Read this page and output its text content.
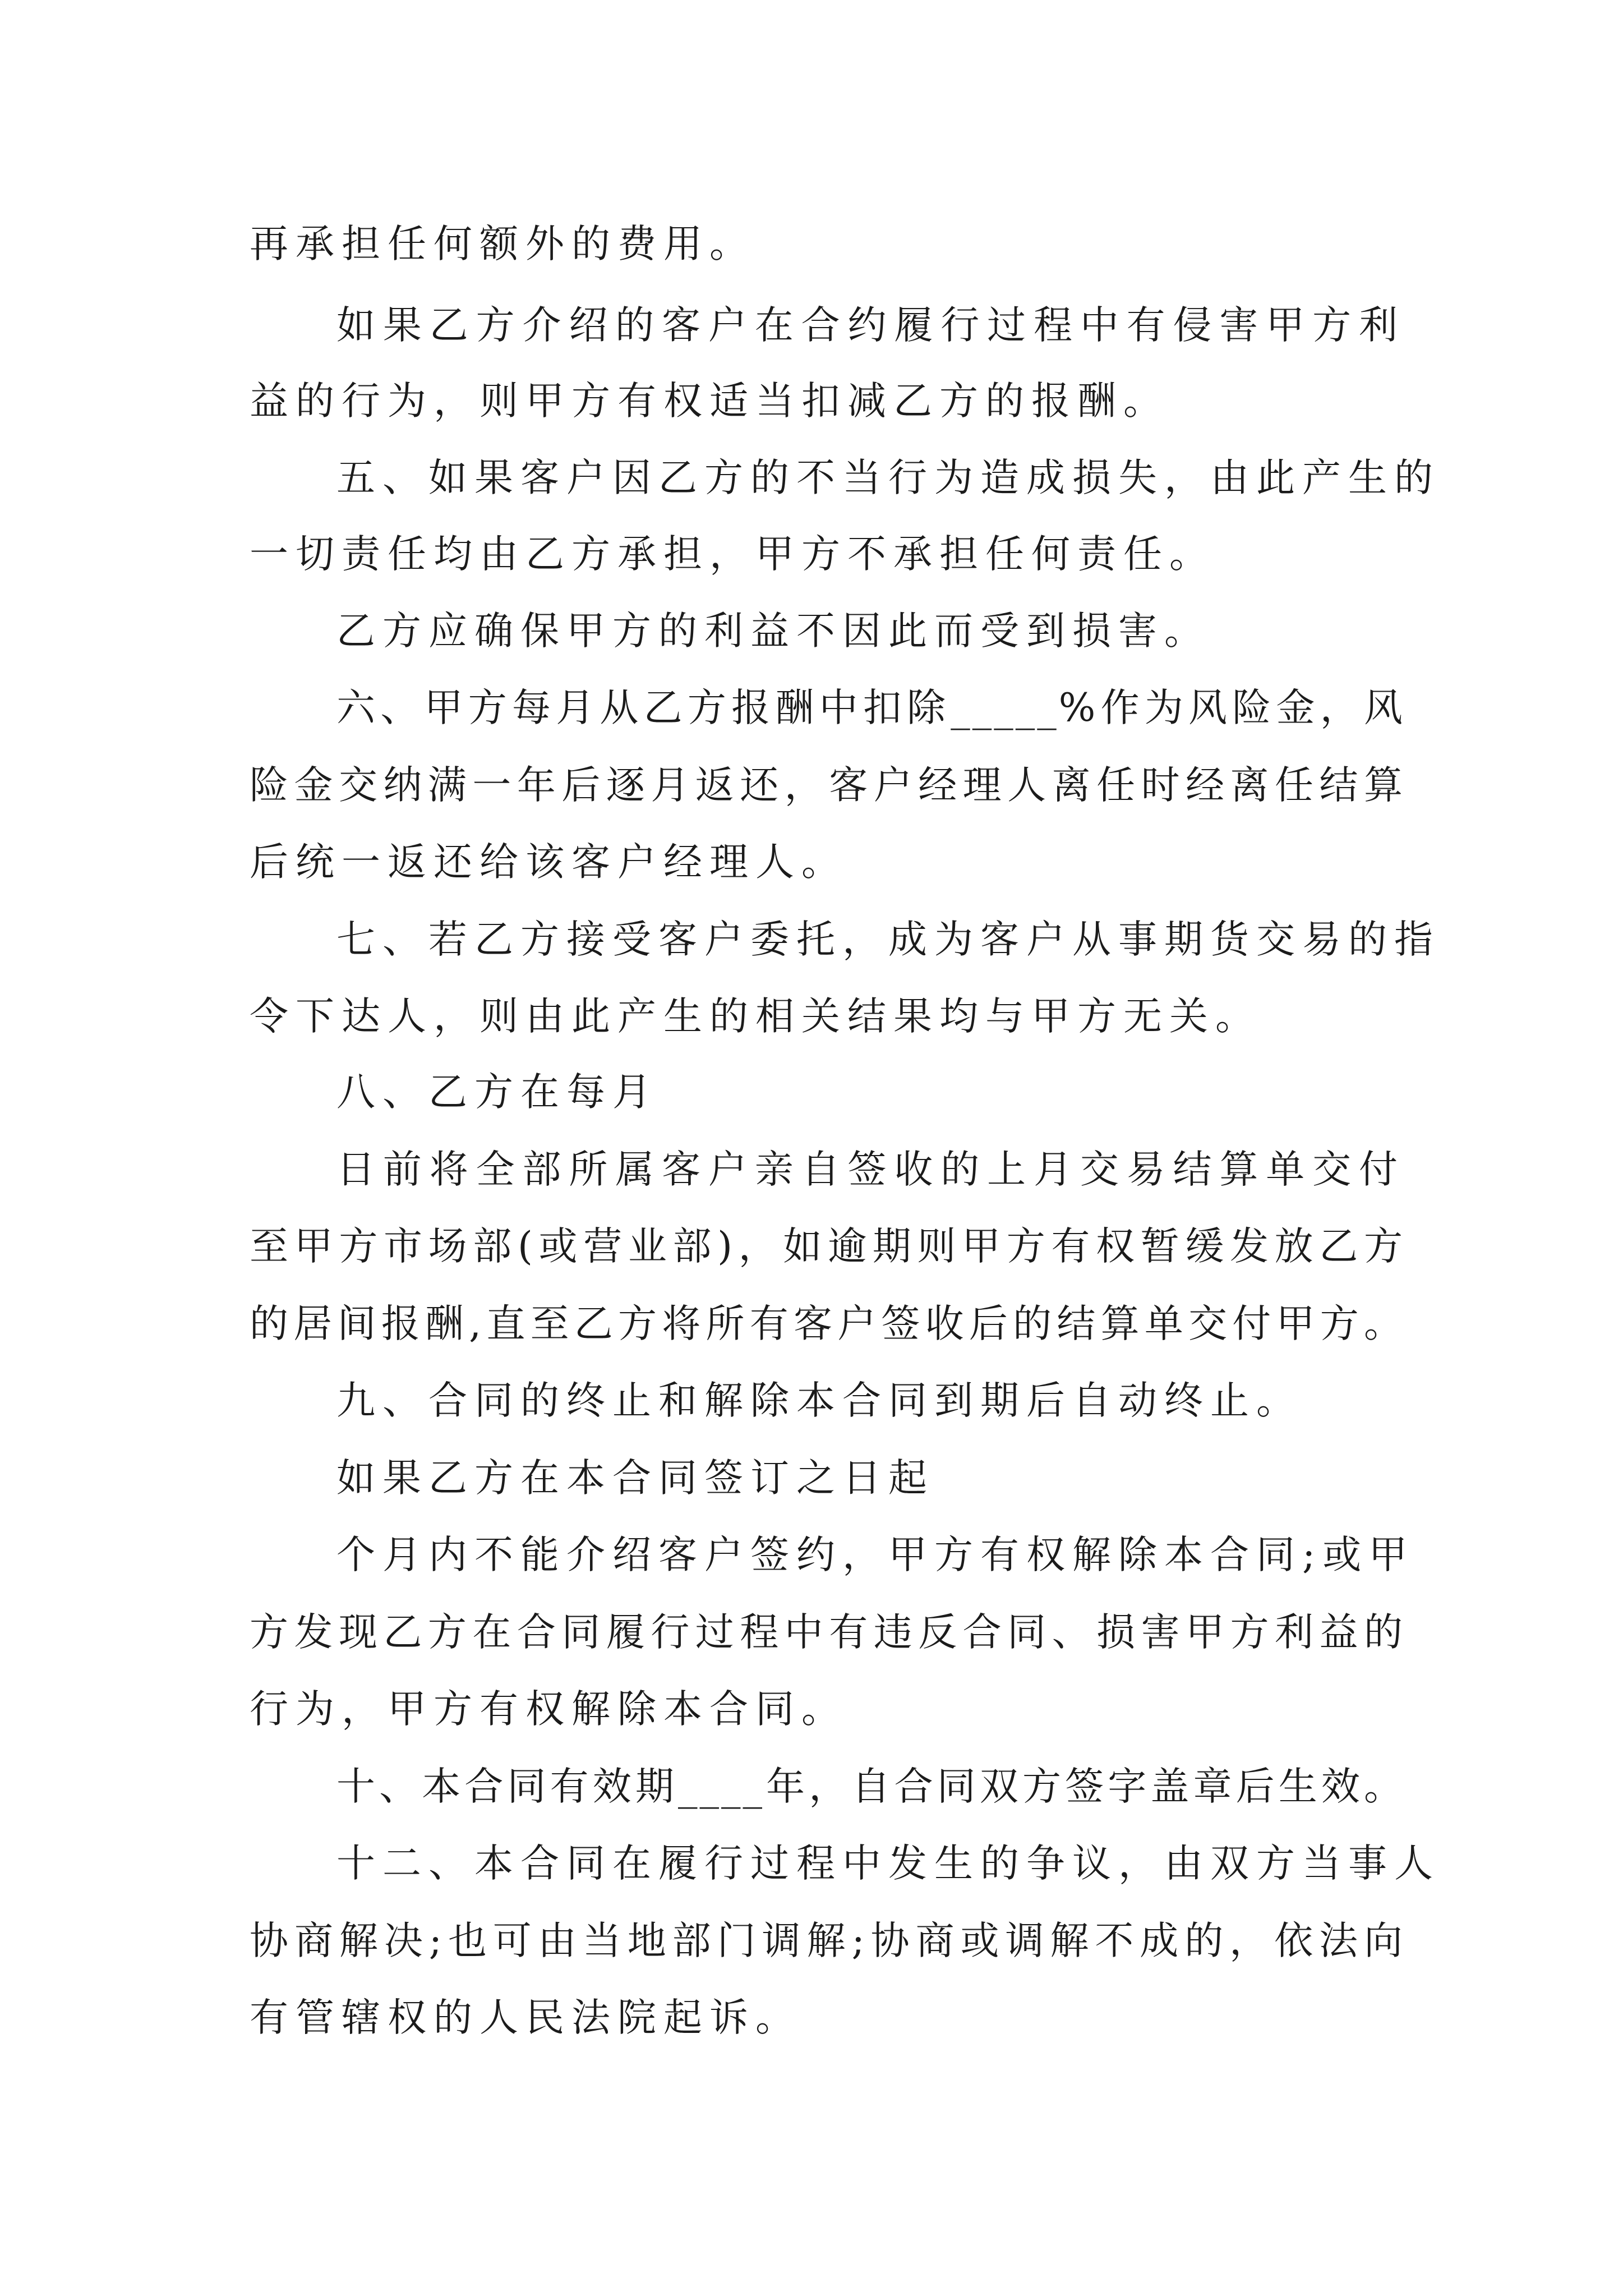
再承担任何额外的费用。
如果乙方介绍的客户在合约履行过程中有侵害甲方利
益的行为，则甲方有权适当扣减乙方的报酬。
五、如果客户因乙方的不当行为造成损失，由此产生的
一切责任均由乙方承担，甲方不承担任何责任。
乙方应确保甲方的利益不因此而受到损害。
六、甲方每月从乙方报酬中扣除_____%作为风险金，风
险金交纳满一年后逐月返还，客户经理人离任时经离任结算
后统一返还给该客户经理人。
七、若乙方接受客户委托，成为客户从事期货交易的指
令下达人，则由此产生的相关结果均与甲方无关。
八、乙方在每月
日前将全部所属客户亲自签收的上月交易结算单交付
至甲方市场部(或营业部)，如逾期则甲方有权暂缓发放乙方
的居间报酬,直至乙方将所有客户签收后的结算单交付甲方。
九、合同的终止和解除本合同到期后自动终止。
如果乙方在本合同签订之日起
个月内不能介绍客户签约，甲方有权解除本合同;或甲
方发现乙方在合同履行过程中有违反合同、损害甲方利益的
行为，甲方有权解除本合同。
十、本合同有效期____年，自合同双方签字盖章后生效。
十二、本合同在履行过程中发生的争议，由双方当事人
协商解决;也可由当地部门调解;协商或调解不成的，依法向
有管辖权的人民法院起诉。
